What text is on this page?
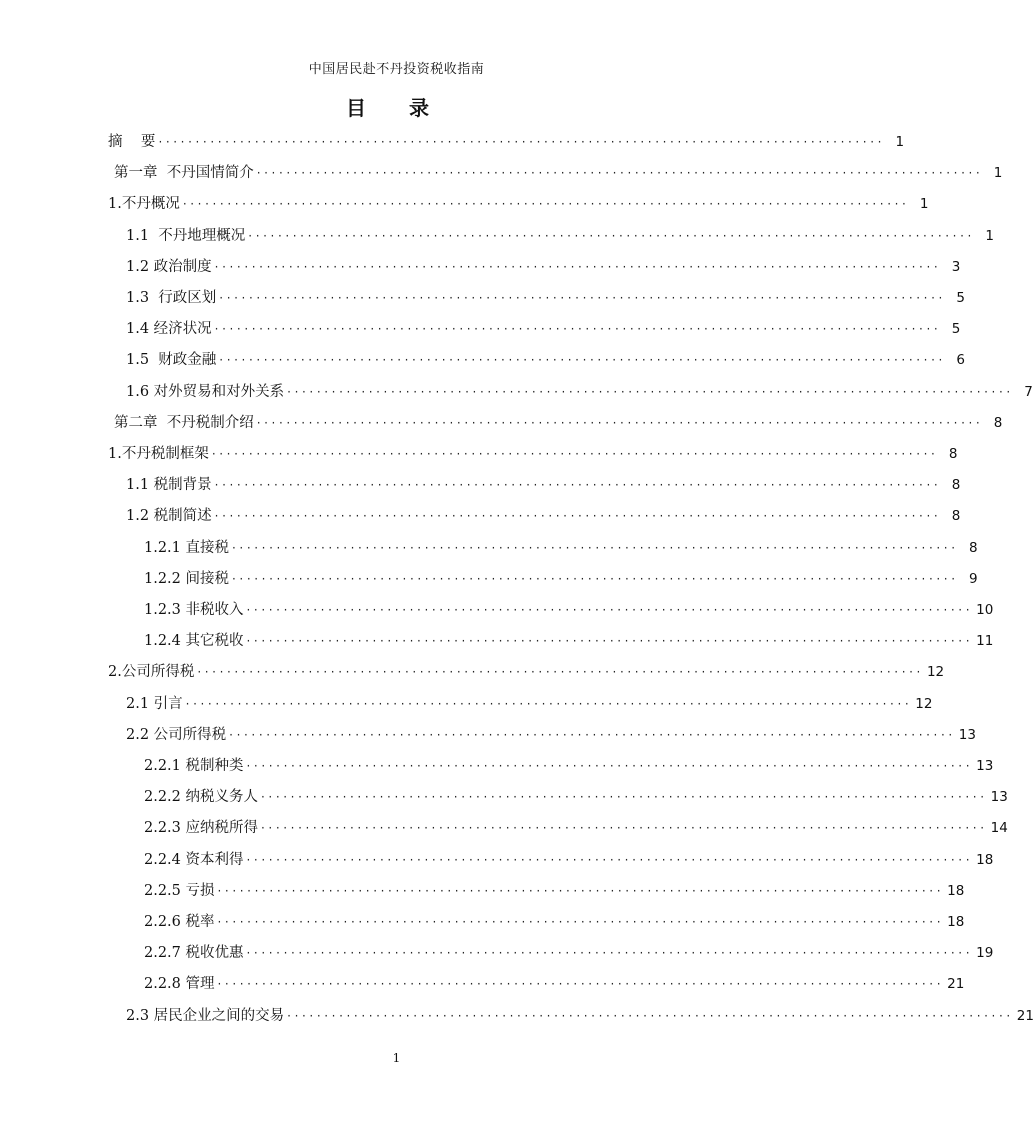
中国居民赴不丹投资税收指南
目 录
摘    要 ·································································································· 1
第一章  不丹国情简介 ·································································································· 1
1.不丹概况 ·································································································· 1
1.1  不丹地理概况 ·································································································· 1
1.2 政治制度 ·································································································· 3
1.3  行政区划 ·································································································· 5
1.4 经济状况 ·································································································· 5
1.5  财政金融 ·································································································· 6
1.6 对外贸易和对外关系 ·································································································· 7
第二章  不丹税制介绍 ·································································································· 8
1.不丹税制框架 ·································································································· 8
1.1 税制背景 ·································································································· 8
1.2 税制简述 ·································································································· 8
1.2.1 直接税 ·································································································· 8
1.2.2 间接税 ·································································································· 9
1.2.3 非税收入 ·································································································· 10
1.2.4 其它税收 ·································································································· 11
2.公司所得税 ·································································································· 12
2.1 引言 ·································································································· 12
2.2 公司所得税 ·································································································· 13
2.2.1 税制种类 ·································································································· 13
2.2.2 纳税义务人 ·································································································· 13
2.2.3 应纳税所得 ·································································································· 14
2.2.4 资本利得 ·································································································· 18
2.2.5 亏损 ·································································································· 18
2.2.6 税率 ·································································································· 18
2.2.7 税收优惠 ·································································································· 19
2.2.8 管理 ·································································································· 21
2.3 居民企业之间的交易 ·································································································· 21
1
